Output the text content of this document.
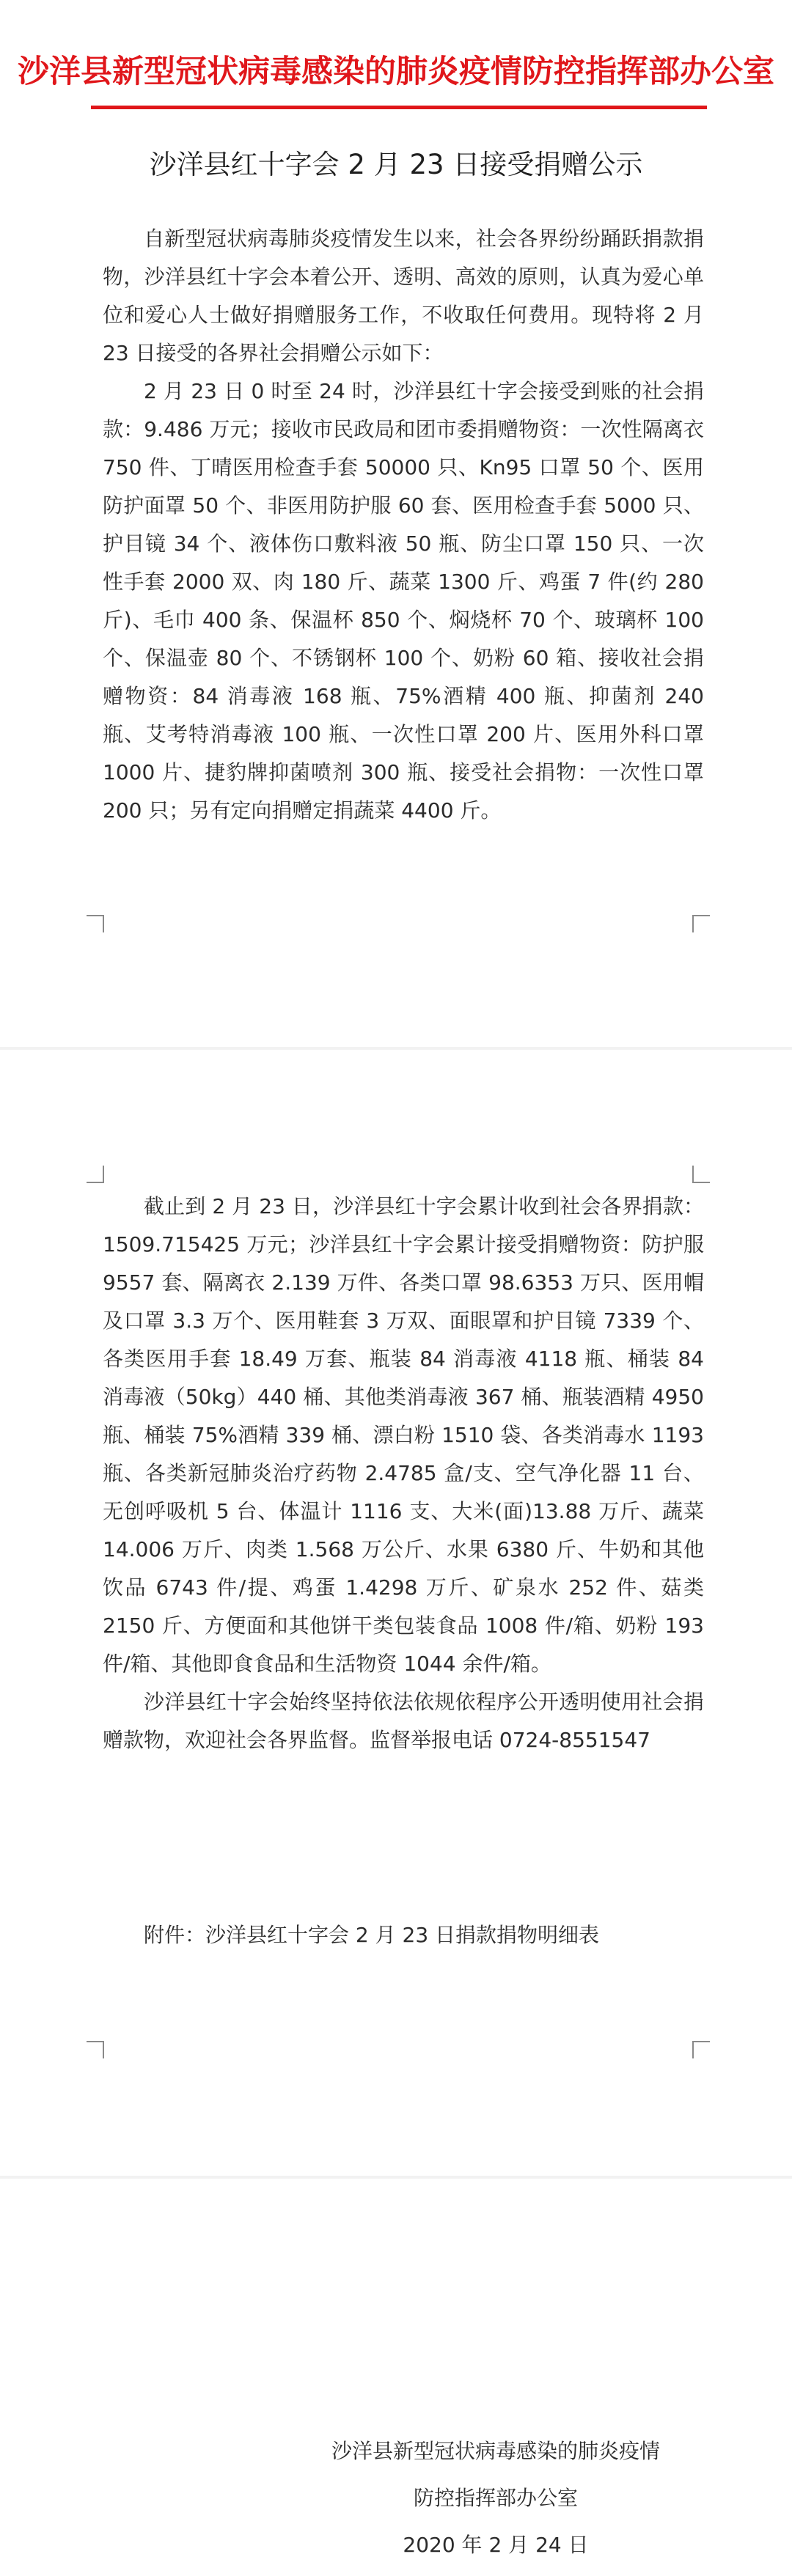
沙洋县新型冠状病毒感染的肺炎疫情防控指挥部办公室
沙洋县红十字会 2 月 23 日接受捐赠公示

自新型冠状病毒肺炎疫情发生以来，社会各界纷纷踊跃捐款捐物，沙洋县红十字会本着公开、透明、高效的原则，认真为爱心单位和爱心人士做好捐赠服务工作，不收取任何费用。现特将 2 月 23 日接受的各界社会捐赠公示如下：

2 月 23 日 0 时至 24 时，沙洋县红十字会接受到账的社会捐款：9.486 万元；接收市民政局和团市委捐赠物资：一次性隔离衣 750 件、丁晴医用检查手套 50000 只、Kn95 口罩 50 个、医用防护面罩 50 个、非医用防护服 60 套、医用检查手套 5000 只、护目镜 34 个、液体伤口敷料液 50 瓶、防尘口罩 150 只、一次性手套 2000 双、肉 180 斤、蔬菜 1300 斤、鸡蛋 7 件(约 280 斤)、毛巾 400 条、保温杯 850 个、焖烧杯 70 个、玻璃杯 100 个、保温壶 80 个、不锈钢杯 100 个、奶粉 60 箱、接收社会捐赠物资：84 消毒液 168 瓶、75%酒精 400 瓶、抑菌剂 240 瓶、艾考特消毒液 100 瓶、一次性口罩 200 片、医用外科口罩 1000 片、捷豹牌抑菌喷剂 300 瓶、接受社会捐物：一次性口罩 200 只；另有定向捐赠定捐蔬菜 4400 斤。

截止到 2 月 23 日，沙洋县红十字会累计收到社会各界捐款：1509.715425 万元；沙洋县红十字会累计接受捐赠物资：防护服 9557 套、隔离衣 2.139 万件、各类口罩 98.6353 万只、医用帽及口罩 3.3 万个、医用鞋套 3 万双、面眼罩和护目镜 7339 个、各类医用手套 18.49 万套、瓶装 84 消毒液 4118 瓶、桶装 84 消毒液（50kg）440 桶、其他类消毒液 367 桶、瓶装酒精 4950 瓶、桶装 75%酒精 339 桶、漂白粉 1510 袋、各类消毒水 1193 瓶、各类新冠肺炎治疗药物 2.4785 盒/支、空气净化器 11 台、无创呼吸机 5 台、体温计 1116 支、大米(面)13.88 万斤、蔬菜 14.006 万斤、肉类 1.568 万公斤、水果 6380 斤、牛奶和其他饮品 6743 件/提、鸡蛋 1.4298 万斤、矿泉水 252 件、菇类 2150 斤、方便面和其他饼干类包装食品 1008 件/箱、奶粉 193 件/箱、其他即食食品和生活物资 1044 余件/箱。

沙洋县红十字会始终坚持依法依规依程序公开透明使用社会捐赠款物，欢迎社会各界监督。监督举报电话 0724-8551547

附件：沙洋县红十字会 2 月 23 日捐款捐物明细表
沙洋县新型冠状病毒感染的肺炎疫情
防控指挥部办公室
2020 年 2 月 24 日
